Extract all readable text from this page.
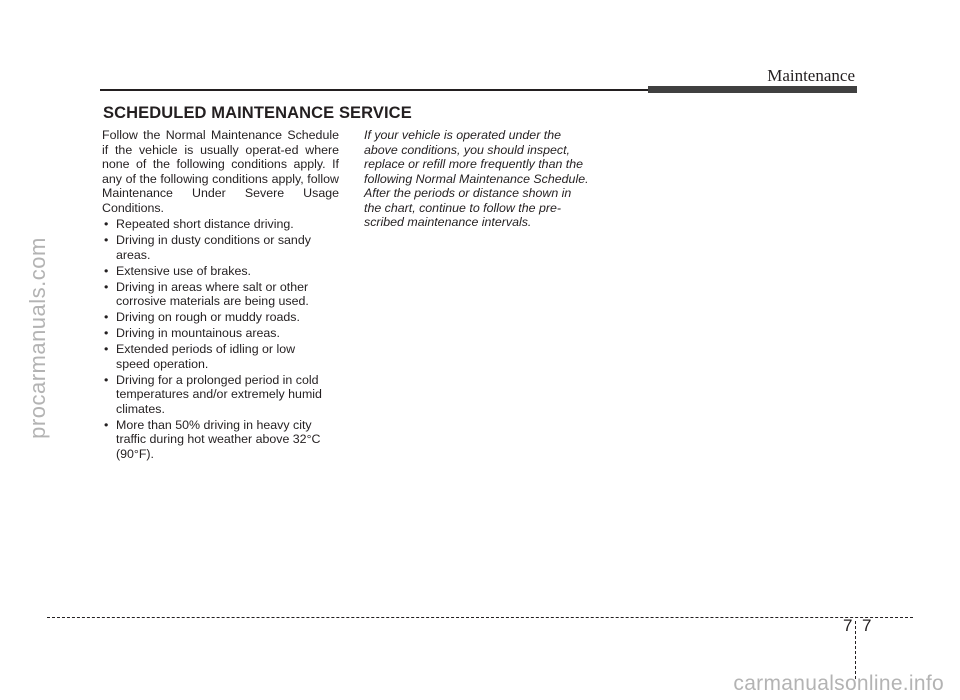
Maintenance
SCHEDULED MAINTENANCE SERVICE

Follow the Normal Maintenance Schedule if the vehicle is usually operat-ed where none of the following conditions apply. If any of the following conditions apply, follow Maintenance Under Severe Usage Conditions.

• Repeated short distance driving.
• Driving in dusty conditions or sandy
areas.
• Extensive use of brakes.
• Driving in areas where salt or other
corrosive materials are being used.
• Driving on rough or muddy roads.
• Driving in mountainous areas.
• Extended periods of idling or low
speed operation.
• Driving for a prolonged period in cold
temperatures and/or extremely humid
climates.
• More than 50% driving in heavy city
traffic during hot weather above 32°C
(90°F).

If your vehicle is operated under the
above conditions, you should inspect,
replace or refill more frequently than the
following Normal Maintenance Schedule.
After the periods or distance shown in
the chart, continue to follow the pre-
scribed maintenance intervals.

procarmanuals.com
7 7
carmanualsonline.info
